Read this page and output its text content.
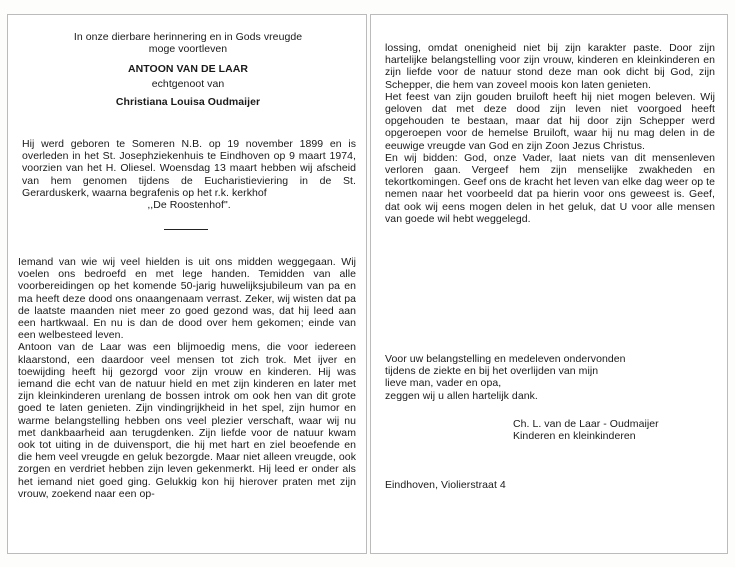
In onze dierbare herinnering en in Gods vreugde

moge voortleven

ANTOON VAN DE LAAR

echtgenoot van

Christiana Louisa Oudmaijer

Hij werd geboren te Someren N.B. op 19 november 1899 en is overleden in het St. Josephziekenhuis te Eindhoven op 9 maart 1974, voorzien van het H. Oliesel. Woensdag 13 maart hebben wij afscheid van hem genomen tijdens de Eucharistieviering in de St. Gerarduskerk, waarna begrafenis op het r.k. kerkhof

,,De Roostenhof".

Iemand van wie wij veel hielden is uit ons midden weggegaan. Wij voelen ons bedroefd en met lege handen. Temidden van alle voorbereidingen op het komende 50-jarig huwelijksjubileum van pa en ma heeft deze dood ons onaangenaam verrast. Zeker, wij wisten dat pa de laatste maanden niet meer zo goed gezond was, dat hij leed aan een hartkwaal. En nu is dan de dood over hem gekomen; einde van een welbesteed leven.

Antoon van de Laar was een blijmoedig mens, die voor iedereen klaarstond, een daardoor veel mensen tot zich trok. Met ijver en toewijding heeft hij gezorgd voor zijn vrouw en kinderen. Hij was iemand die echt van de natuur hield en met zijn kinderen en later met zijn kleinkinderen urenlang de bossen introk om ook hen van dit grote goed te laten genieten. Zijn vindingrijkheid in het spel, zijn humor en warme belangstelling hebben ons veel plezier verschaft, waar wij nu met dankbaarheid aan terugdenken. Zijn liefde voor de natuur kwam ook tot uiting in de duivensport, die hij met hart en ziel beoefende en die hem veel vreugde en geluk bezorgde. Maar niet alleen vreugde, ook zorgen en verdriet hebben zijn leven gekenmerkt. Hij leed er onder als het iemand niet goed ging. Gelukkig kon hij hierover praten met zijn vrouw, zoekend naar een op-

lossing, omdat onenigheid niet bij zijn karakter paste. Door zijn hartelijke belangstelling voor zijn vrouw, kinderen en kleinkinderen en zijn liefde voor de natuur stond deze man ook dicht bij God, zijn Schepper, die hem van zoveel moois kon laten genieten.

Het feest van zijn gouden bruiloft heeft hij niet mogen beleven. Wij geloven dat met deze dood zijn leven niet voorgoed heeft opgehouden te bestaan, maar dat hij door zijn Schepper werd opgeroepen voor de hemelse Bruiloft, waar hij nu mag delen in de eeuwige vreugde van God en zijn Zoon Jezus Christus.

En wij bidden: God, onze Vader, laat niets van dit mensenleven verloren gaan. Vergeef hem zijn menselijke zwakheden en tekortkomingen. Geef ons de kracht het leven van elke dag weer op te nemen naar het voorbeeld dat pa hierin voor ons geweest is. Geef, dat ook wij eens mogen delen in het geluk, dat U voor alle mensen van goede wil hebt weggelegd.

Voor uw belangstelling en medeleven ondervonden

tijdens de ziekte en bij het overlijden van mijn

lieve man, vader en opa,

zeggen wij u allen hartelijk dank.

Ch. L. van de Laar - Oudmaijer

Kinderen en kleinkinderen

Eindhoven, Violierstraat 4
